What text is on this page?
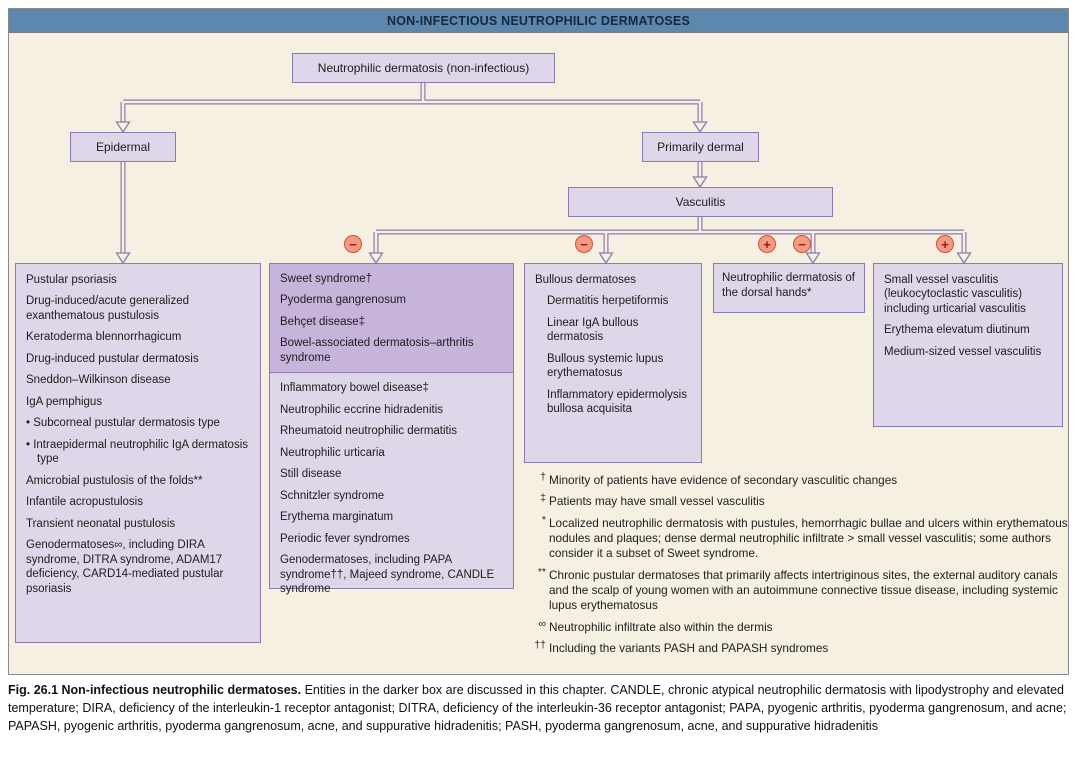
NON-INFECTIOUS NEUTROPHILIC DERMATOSES
−	−	+ −	+
Neutrophilic dermatosis (non-infectious)
Epidermal	Primarily dermal
Vasculitis
Pustular psoriasis
Drug-induced/acute generalized exanthematous pustulosis
Keratoderma blennorrhagicum
Drug-induced pustular dermatosis
Sneddon–Wilkinson disease
IgA pemphigus
• Subcorneal pustular dermatosis type
• Intraepidermal neutrophilic IgA dermatosis type
Amicrobial pustulosis of the folds**
Infantile acropustulosis
Transient neonatal pustulosis
Genodermatoses∞, including DIRA syndrome, DITRA syndrome, ADAM17 deficiency, CARD14-mediated pustular psoriasis
Sweet syndrome†
Pyoderma gangrenosum
Behçet disease‡
Bowel-associated dermatosis–arthritis syndrome
Inflammatory bowel disease‡
Neutrophilic eccrine hidradenitis
Rheumatoid neutrophilic dermatitis
Neutrophilic urticaria
Still disease
Schnitzler syndrome
Erythema marginatum
Periodic fever syndromes
Genodermatoses, including PAPA syndrome††, Majeed syndrome, CANDLE syndrome
Bullous dermatoses
Dermatitis herpetiformis
Linear IgA bullous dermatosis
Bullous systemic lupus erythematosus
Inflammatory epidermolysis bullosa acquisita
Neutrophilic dermatosis of the dorsal hands*
Small vessel vasculitis (leukocytoclastic vasculitis) including urticarial vasculitis
Erythema elevatum diutinum
Medium-sized vessel vasculitis
† Minority of patients have evidence of secondary vasculitic changes
‡ Patients may have small vessel vasculitis
* Localized neutrophilic dermatosis with pustules, hemorrhagic bullae and ulcers within erythematous nodules and plaques; dense dermal neutrophilic infiltrate > small vessel vasculitis; some authors consider it a subset of Sweet syndrome.
** Chronic pustular dermatoses that primarily affects intertriginous sites, the external auditory canals and the scalp of young women with an autoimmune connective tissue disease, including systemic lupus erythematosus
∞ Neutrophilic infiltrate also within the dermis
†† Including the variants PASH and PAPASH syndromes
Fig. 26.1 Non-infectious neutrophilic dermatoses. Entities in the darker box are discussed in this chapter. CANDLE, chronic atypical neutrophilic dermatosis with lipodystrophy and elevated temperature; DIRA, deficiency of the interleukin-1 receptor antagonist; DITRA, deficiency of the interleukin-36 receptor antagonist; PAPA, pyogenic arthritis, pyoderma gangrenosum, and acne; PAPASH, pyogenic arthritis, pyoderma gangrenosum, acne, and suppurative hidradenitis; PASH, pyoderma gangrenosum, acne, and suppurative hidradenitis
